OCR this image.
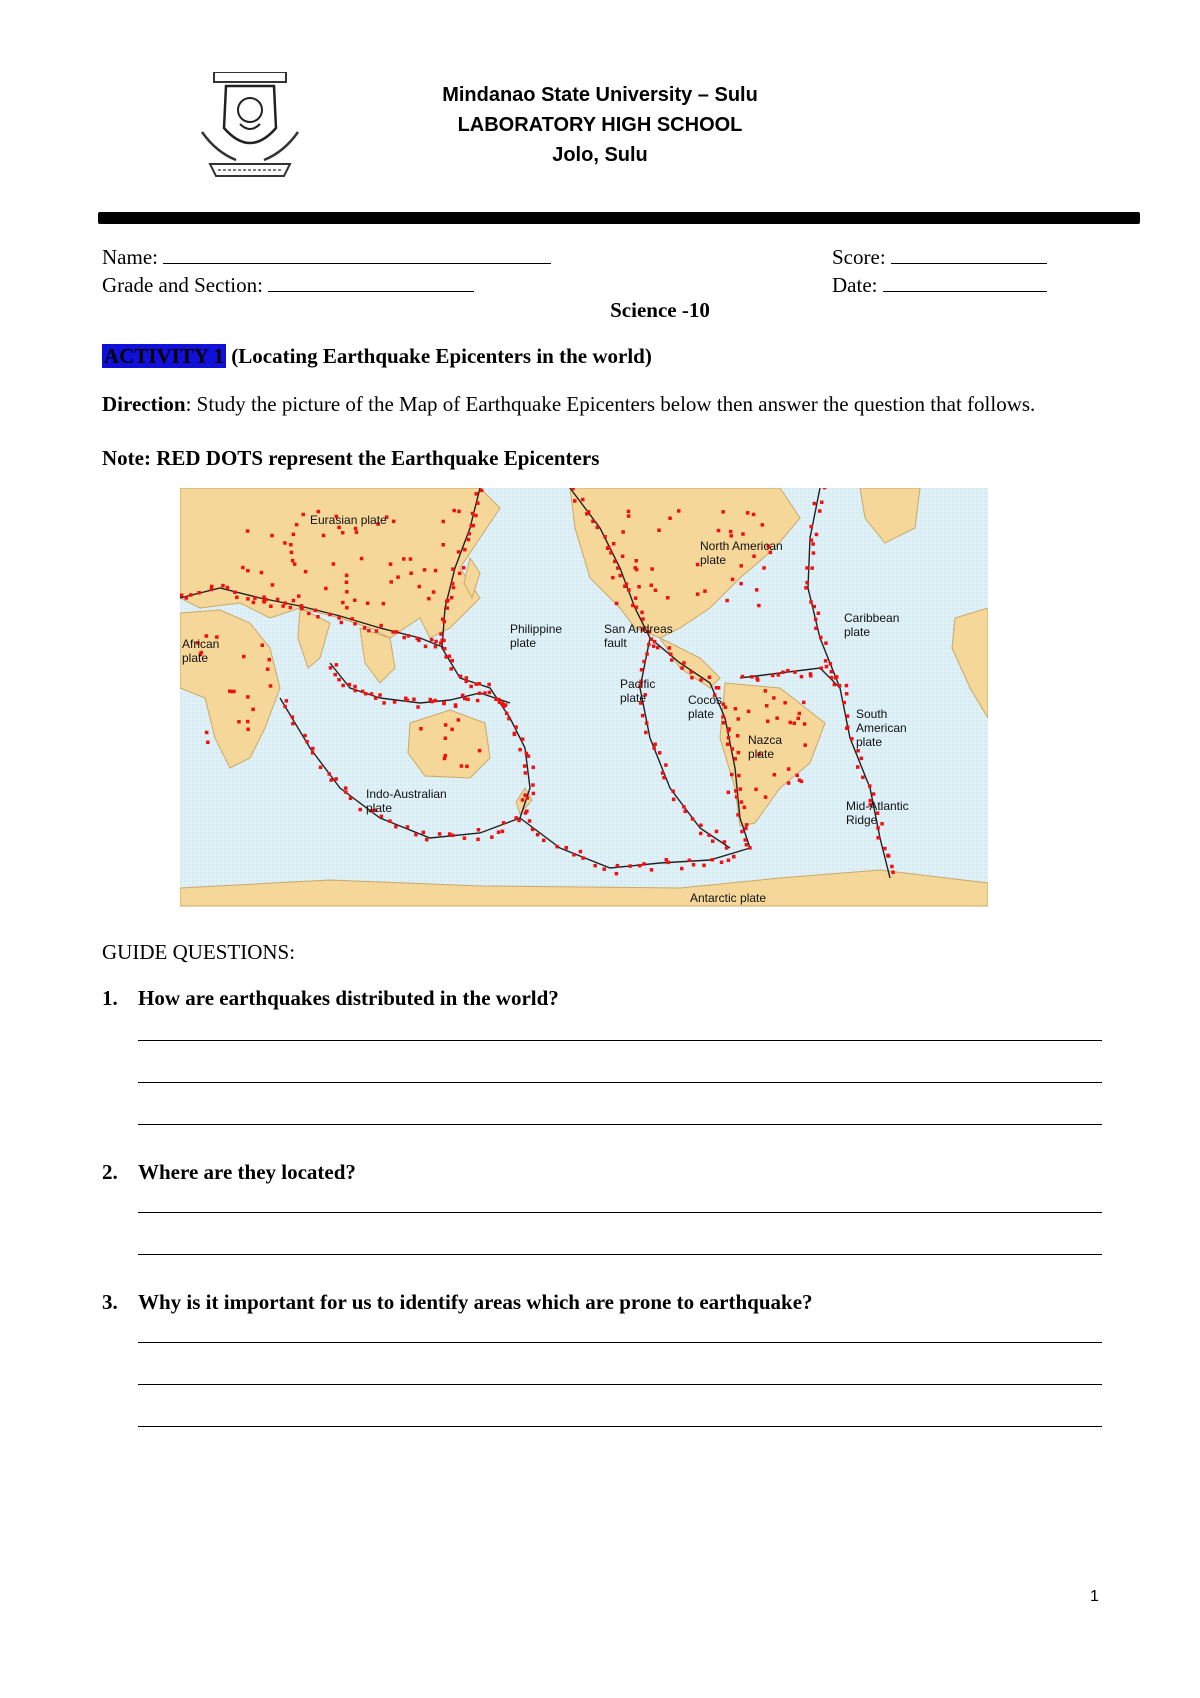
Mindanao State University – Sulu
LABORATORY HIGH SCHOOL
Jolo, Sulu
Name:	Score:
Grade and Section:	Date:
Science -10
ACTIVITY 1 (Locating Earthquake Epicenters in the world)
Direction: Study the picture of the Map of Earthquake Epicenters below then answer the question that follows.
Note: RED DOTS represent the Earthquake Epicenters
Eurasian plate
North American
plate
African
plate
Philippine
plate
San Andreas
fault
Caribbean
plate
Pacific
plate	Cocos
plate	South
American
plate
Nazca
plate
Indo-Australian
plate	Mid-Atlantic
Ridge
Antarctic plate
GUIDE QUESTIONS:
1. How are earthquakes distributed in the world?
2. Where are they located?
3. Why is it important for us to identify areas which are prone to earthquake?
1
